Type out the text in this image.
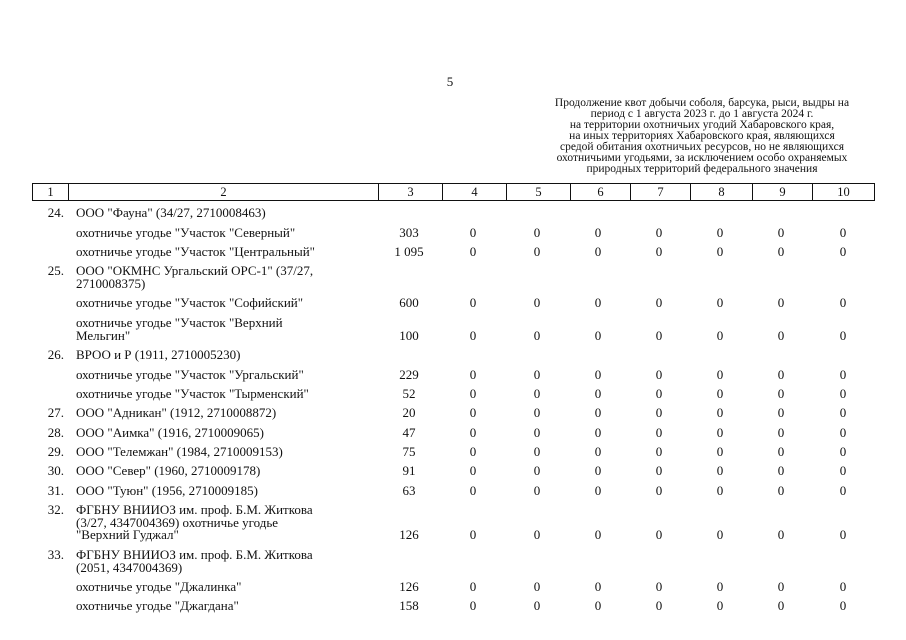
5
Продолжение квот добычи соболя, барсука, рыси, выдры на
период с 1 августа 2023 г. до 1 августа 2024 г.
на территории охотничьих угодий Хабаровского края,
на иных территориях Хабаровского края, являющихся
средой обитания охотничьих ресурсов, но не являющихся
охотничьими угодьями, за исключением особо охраняемых
природных территорий федерального значения
1	2	3	4	5	6	7	8	9	10
24. ООО "Фауна" (34/27, 2710008463)
охотничье угодье "Участок "Северный"	303	0	0	0	0	0	0	0
охотничье угодье "Участок "Центральный"	1 095	0	0	0	0	0	0	0
25. ООО "ОКМНС Ургальский ОРС-1" (37/27,
2710008375)
охотничье угодье "Участок "Софийский"	600	0	0	0	0	0	0	0
охотничье угодье "Участок "Верхний
Мельгин"	100	0	0	0	0	0	0	0
26. ВРОО и Р (1911, 2710005230)
охотничье угодье "Участок "Ургальский"	229	0	0	0	0	0	0	0
охотничье угодье "Участок "Тырменский"	52	0	0	0	0	0	0	0
27. ООО "Адникан" (1912, 2710008872)	20	0	0	0	0	0	0	0
28. ООО "Аимка" (1916, 2710009065)	47	0	0	0	0	0	0	0
29. ООО "Телемжан" (1984, 2710009153)	75	0	0	0	0	0	0	0
30. ООО "Север" (1960, 2710009178)	91	0	0	0	0	0	0	0
31. ООО "Туюн" (1956, 2710009185)	63	0	0	0	0	0	0	0
32. ФГБНУ ВНИИОЗ им. проф. Б.М. Житкова
(3/27, 4347004369) охотничье угодье
"Верхний Гуджал"	126	0	0	0	0	0	0	0
33. ФГБНУ ВНИИОЗ им. проф. Б.М. Житкова
(2051, 4347004369)
охотничье угодье "Джалинка"	126	0	0	0	0	0	0	0
охотничье угодье "Джагдана"	158	0	0	0	0	0	0	0
